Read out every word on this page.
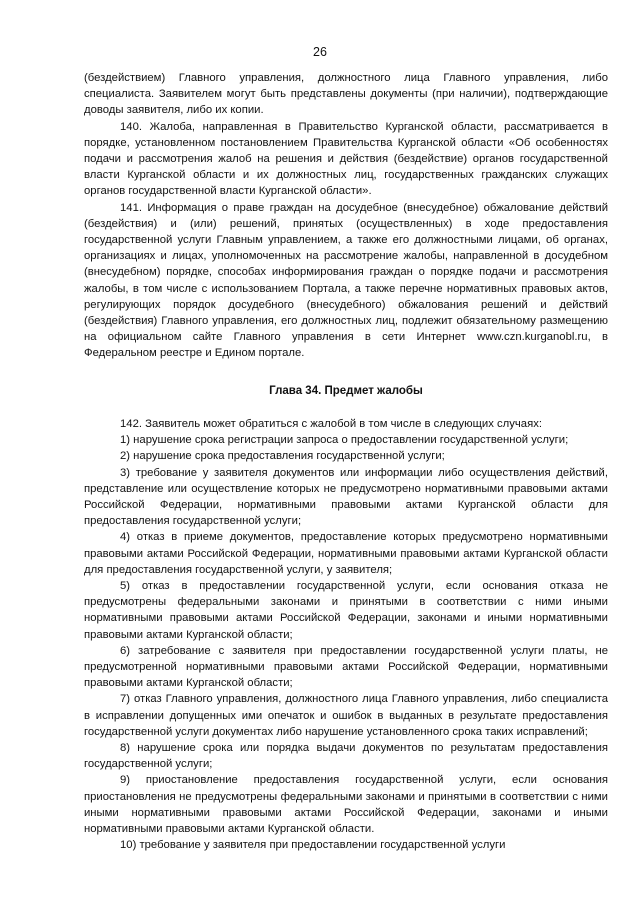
26

(бездействием) Главного управления, должностного лица Главного управления, либо специалиста. Заявителем могут быть представлены документы (при наличии), подтверждающие доводы заявителя, либо их копии.

140. Жалоба, направленная в Правительство Курганской области, рассматривается в порядке, установленном постановлением Правительства Курганской области «Об особенностях подачи и рассмотрения жалоб на решения и действия (бездействие) органов государственной власти Курганской области и их должностных лиц, государственных гражданских служащих органов государственной власти Курганской области».

141. Информация о праве граждан на досудебное (внесудебное) обжалование действий (бездействия) и (или) решений, принятых (осуществленных) в ходе предоставления государственной услуги Главным управлением, а также его должностными лицами, об органах, организациях и лицах, уполномоченных на рассмотрение жалобы, направленной в досудебном (внесудебном) порядке, способах информирования граждан о порядке подачи и рассмотрения жалобы, в том числе с использованием Портала, а также перечне нормативных правовых актов, регулирующих порядок досудебного (внесудебного) обжалования решений и действий (бездействия) Главного управления, его должностных лиц, подлежит обязательному размещению на официальном сайте Главного управления в сети Интернет www.czn.kurganobl.ru, в Федеральном реестре и Едином портале.

Глава 34. Предмет жалобы

142. Заявитель может обратиться с жалобой в том числе в следующих случаях:

1) нарушение срока регистрации запроса о предоставлении государственной услуги;

2) нарушение срока предоставления государственной услуги;

3) требование у заявителя документов или информации либо осуществления действий, представление или осуществление которых не предусмотрено нормативными правовыми актами Российской Федерации, нормативными правовыми актами Курганской области для предоставления государственной услуги;

4) отказ в приеме документов, предоставление которых предусмотрено нормативными правовыми актами Российской Федерации, нормативными правовыми актами Курганской области для предоставления государственной услуги, у заявителя;

5) отказ в предоставлении государственной услуги, если основания отказа не предусмотрены федеральными законами и принятыми в соответствии с ними иными нормативными правовыми актами Российской Федерации, законами и иными нормативными правовыми актами Курганской области;

6) затребование с заявителя при предоставлении государственной услуги платы, не предусмотренной нормативными правовыми актами Российской Федерации, нормативными правовыми актами Курганской области;

7) отказ Главного управления, должностного лица Главного управления, либо специалиста в исправлении допущенных ими опечаток и ошибок в выданных в результате предоставления государственной услуги документах либо нарушение установленного срока таких исправлений;

8) нарушение срока или порядка выдачи документов по результатам предоставления государственной услуги;

9) приостановление предоставления государственной услуги, если основания приостановления не предусмотрены федеральными законами и принятыми в соответствии с ними иными нормативными правовыми актами Российской Федерации, законами и иными нормативными правовыми актами Курганской области.

10) требование у заявителя при предоставлении государственной услуги
